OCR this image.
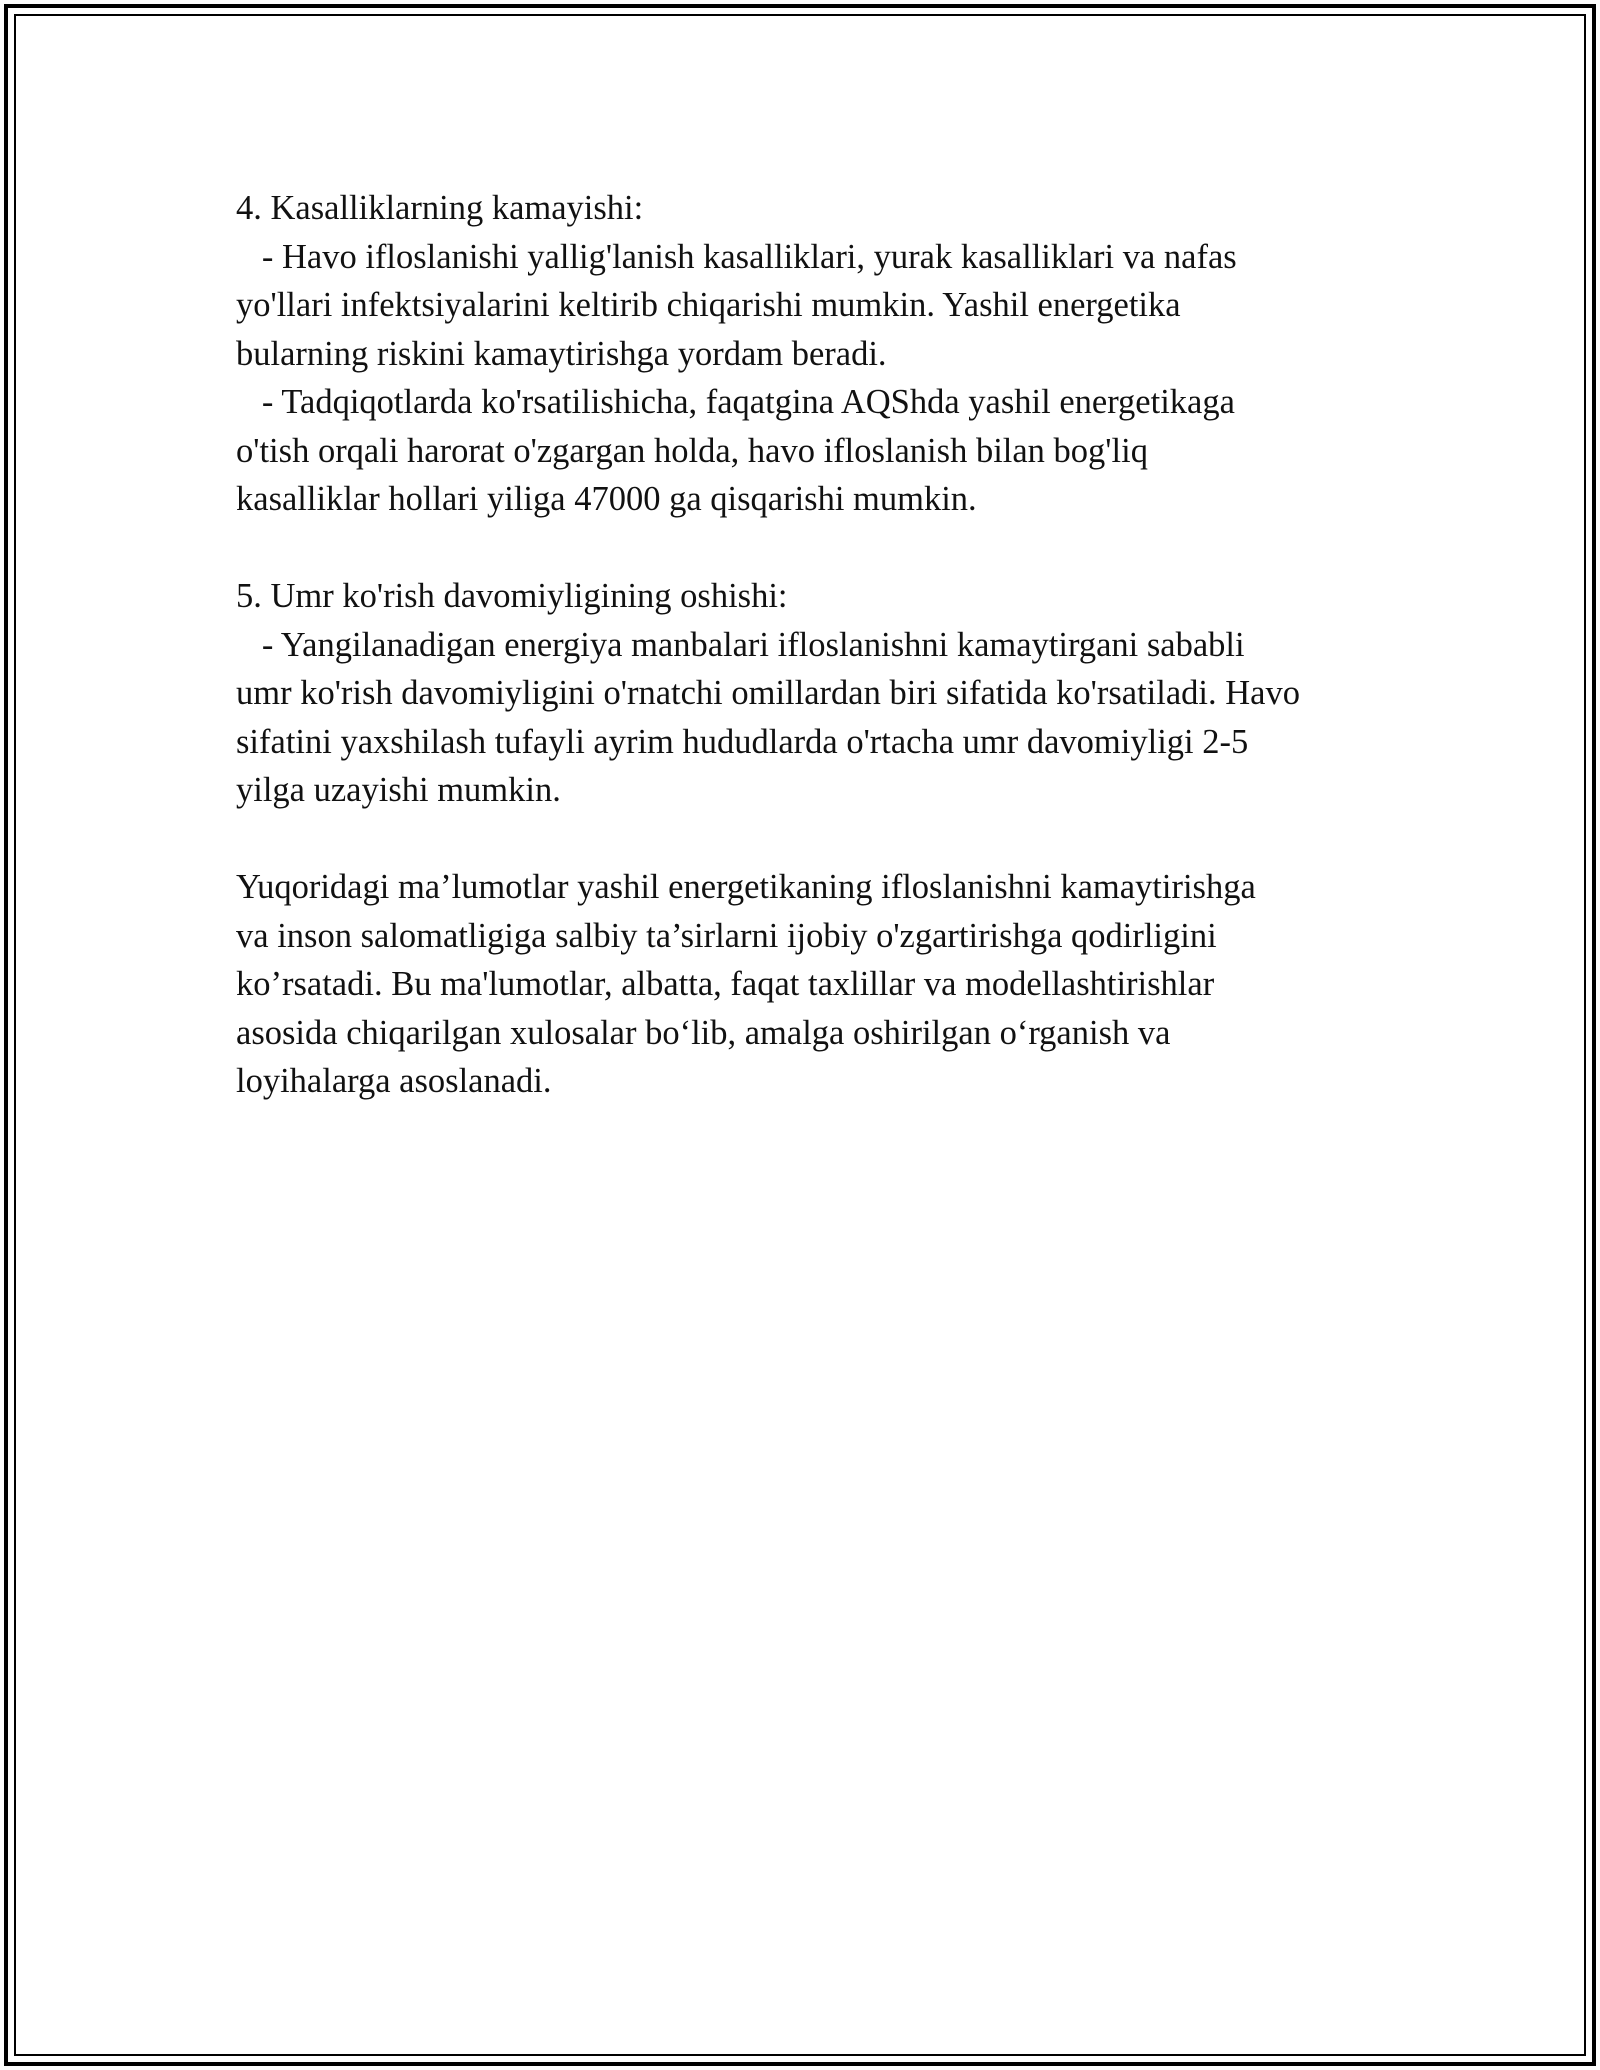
4. Kasalliklarning kamayishi:
- Havo ifloslanishi yallig'lanish kasalliklari, yurak kasalliklari va nafas
yo'llari infektsiyalarini keltirib chiqarishi mumkin. Yashil energetika
bularning riskini kamaytirishga yordam beradi.
- Tadqiqotlarda ko'rsatilishicha, faqatgina AQShda yashil energetikaga
o'tish orqali harorat o'zgargan holda, havo ifloslanish bilan bog'liq
kasalliklar hollari yiliga 47000 ga qisqarishi mumkin.
5. Umr ko'rish davomiyligining oshishi:
- Yangilanadigan energiya manbalari ifloslanishni kamaytirgani sababli
umr ko'rish davomiyligini o'rnatchi omillardan biri sifatida ko'rsatiladi. Havo
sifatini yaxshilash tufayli ayrim hududlarda o'rtacha umr davomiyligi 2-5
yilga uzayishi mumkin.
Yuqoridagi ma’lumotlar yashil energetikaning ifloslanishni kamaytirishga
va inson salomatligiga salbiy ta’sirlarni ijobiy o'zgartirishga qodirligini
ko’rsatadi. Bu ma'lumotlar, albatta, faqat taxlillar va modellashtirishlar
asosida chiqarilgan xulosalar bo‘lib, amalga oshirilgan o‘rganish va
loyihalarga asoslanadi.
